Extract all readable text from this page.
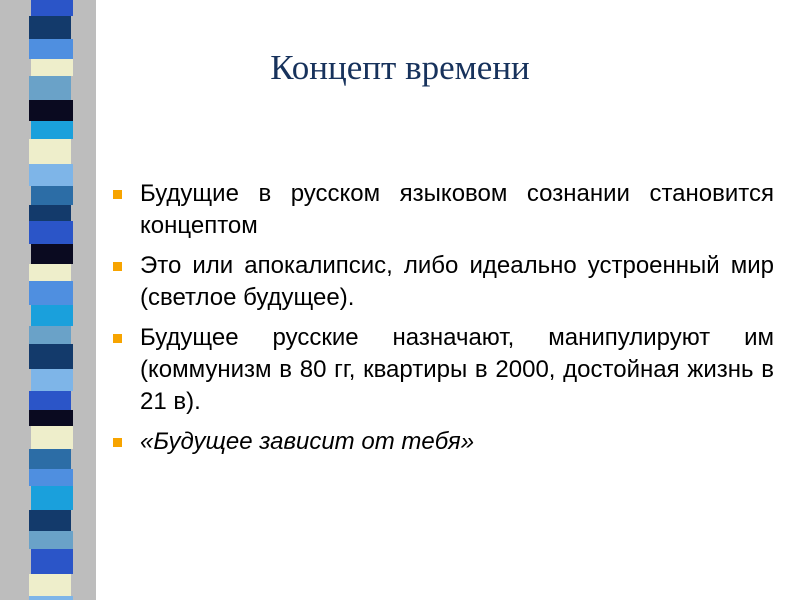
Концепт времени
Будущие в русском языковом сознании становится концептом
Это или апокалипсис, либо идеально устроенный мир (светлое будущее).
Будущее русские назначают, манипулируют им (коммунизм в 80 гг, квартиры в 2000, достойная жизнь в 21 в).
«Будущее зависит от тебя»
